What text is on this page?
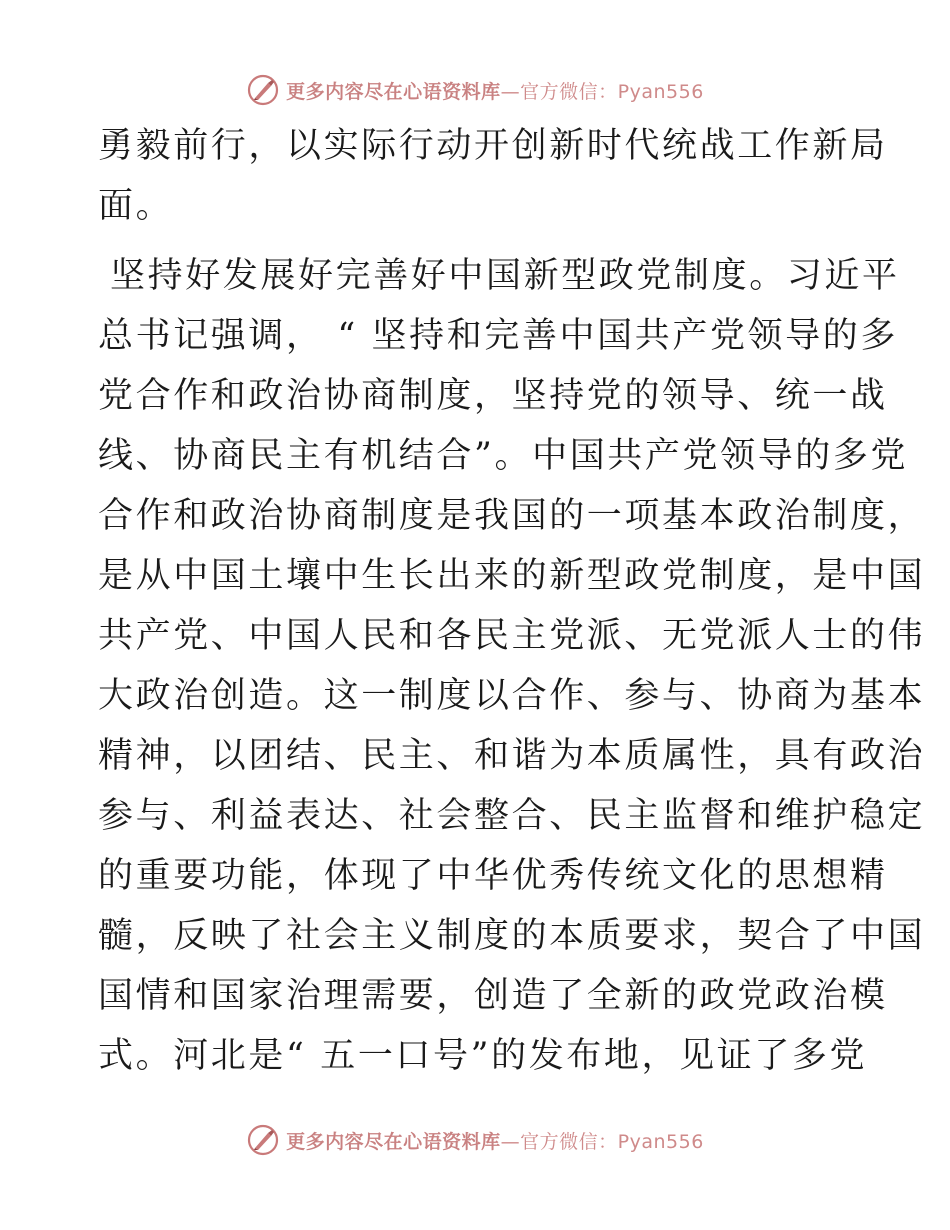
更多内容尽在心语资料库—官方微信：Pyan556
勇毅前行，以实际行动开创新时代统战工作新局
面。
坚持好发展好完善好中国新型政党制度。习近平
总书记强调， “ 坚持和完善中国共产党领导的多
党合作和政治协商制度，坚持党的领导、统一战
线、协商民主有机结合”。中国共产党领导的多党
合作和政治协商制度是我国的一项基本政治制度，
是从中国土壤中生长出来的新型政党制度，是中国
共产党、中国人民和各民主党派、无党派人士的伟
大政治创造。这一制度以合作、参与、协商为基本
精神，以团结、民主、和谐为本质属性，具有政治
参与、利益表达、社会整合、民主监督和维护稳定
的重要功能，体现了中华优秀传统文化的思想精
髓，反映了社会主义制度的本质要求，契合了中国
国情和国家治理需要，创造了全新的政党政治模
式。河北是“ 五一口号”的发布地，见证了多党
更多内容尽在心语资料库—官方微信：Pyan556
